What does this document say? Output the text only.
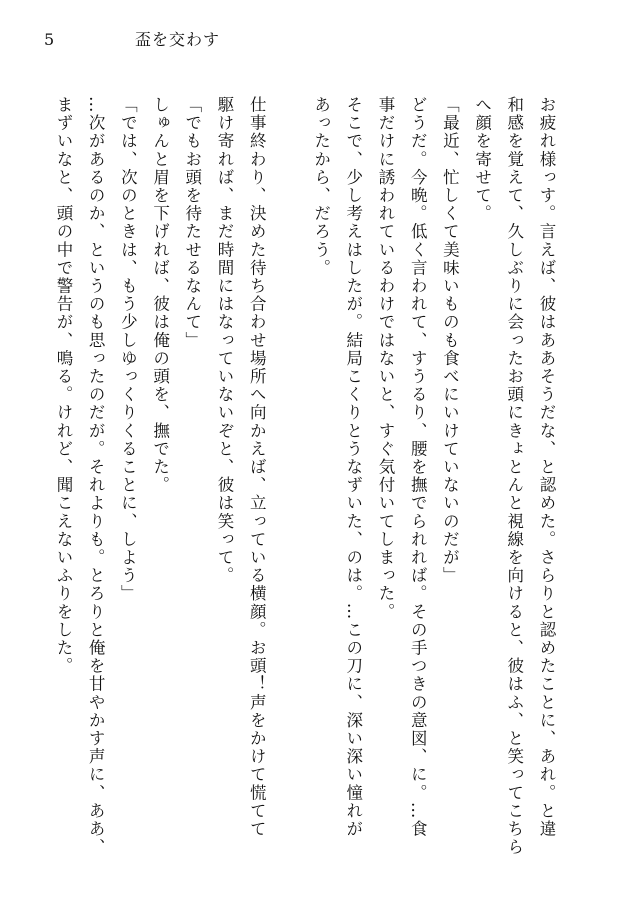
5	盃を交わす
お疲れ様っす。言えば、彼はああそうだな、と認めた。さらりと認めたことに、あれ。と違
和感を覚えて、久しぶりに会ったお頭にきょとんと視線を向けると、彼はふ、と笑ってこちら
へ顔を寄せて。
「最近、忙しくて美味いものも食べにいけていないのだが」
どうだ。今晩。低く言われて、すうるり、腰を撫でられれば。その手つきの意図、に。…食
事だけに誘われているわけではないと、すぐ気付いてしまった。
そこで、少し考えはしたが。結局こくりとうなずいた、のは。…この刀に、深い深い憧れが
あったから、だろう。
仕事終わり、決めた待ち合わせ場所へ向かえば、立っている横顔。お頭！声をかけて慌てて
駆け寄れば、まだ時間にはなっていないぞと、彼は笑って。
「でもお頭を待たせるなんて」
しゅんと眉を下げれば、彼は俺の頭を、撫でた。
「では、次のときは、もう少しゆっくりくることに、しよう」
…次があるのか、というのも思ったのだが。それよりも。とろりと俺を甘やかす声に、ああ、
まずいなと、頭の中で警告が、鳴る。けれど、聞こえないふりをした。
